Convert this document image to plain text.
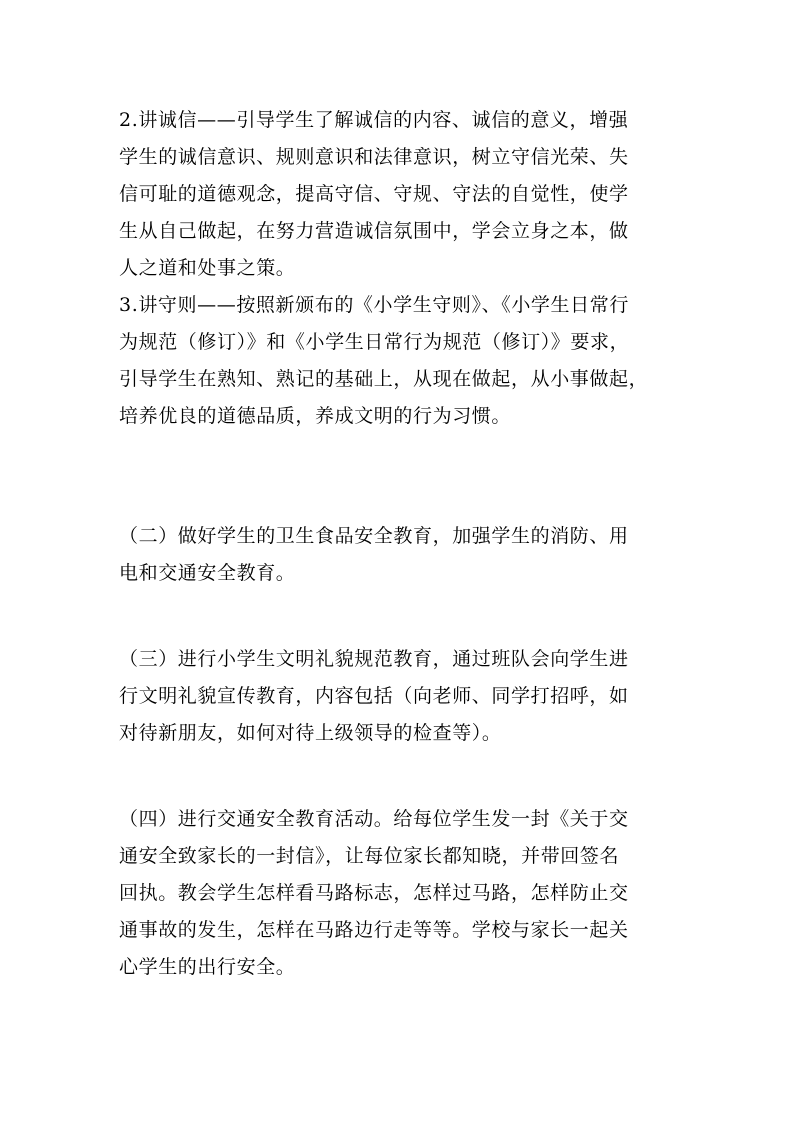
2.讲诚信——引导学生了解诚信的内容、诚信的意义，增强
学生的诚信意识、规则意识和法律意识，树立守信光荣、失
信可耻的道德观念，提高守信、守规、守法的自觉性，使学
生从自己做起，在努力营造诚信氛围中，学会立身之本，做
人之道和处事之策。
3.讲守则——按照新颁布的《小学生守则》、《小学生日常行
为规范（修订）》和《小学生日常行为规范（修订）》要求，
引导学生在熟知、熟记的基础上，从现在做起，从小事做起，
培养优良的道德品质，养成文明的行为习惯。
（二）做好学生的卫生食品安全教育，加强学生的消防、用
电和交通安全教育。
（三）进行小学生文明礼貌规范教育，通过班队会向学生进
行文明礼貌宣传教育，内容包括（向老师、同学打招呼，如
对待新朋友，如何对待上级领导的检查等）。
（四）进行交通安全教育活动。给每位学生发一封《关于交
通安全致家长的一封信》，让每位家长都知晓，并带回签名
回执。教会学生怎样看马路标志，怎样过马路，怎样防止交
通事故的发生，怎样在马路边行走等等。学校与家长一起关
心学生的出行安全。
